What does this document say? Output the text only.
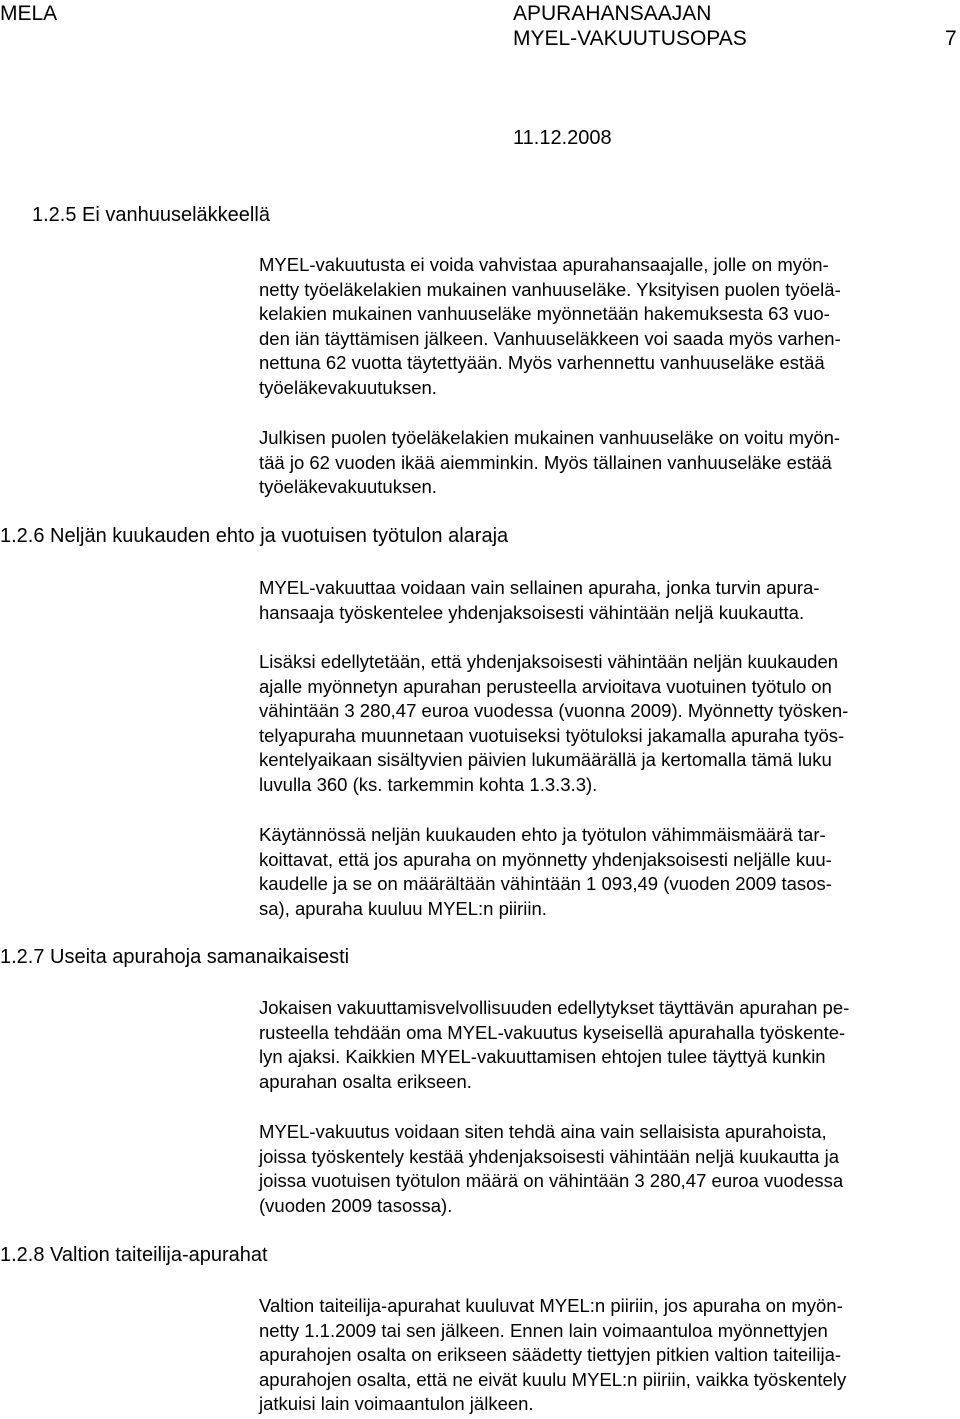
MELA	APURAHANSAAJAN
MYEL-VAKUUTUSOPAS	7
11.12.2008
1.2.5 Ei vanhuuseläkkeellä
MYEL-vakuutusta ei voida vahvistaa apurahansaajalle, jolle on myön-
netty työeläkelakien mukainen vanhuuseläke. Yksityisen puolen työelä-
kelakien mukainen vanhuuseläke myönnetään hakemuksesta 63 vuo-
den iän täyttämisen jälkeen. Vanhuuseläkkeen voi saada myös varhen-
nettuna 62 vuotta täytettyään. Myös varhennettu vanhuuseläke estää
työeläkevakuutuksen.
Julkisen puolen työeläkelakien mukainen vanhuuseläke on voitu myön-
tää jo 62 vuoden ikää aiemminkin. Myös tällainen vanhuuseläke estää
työeläkevakuutuksen.
1.2.6 Neljän kuukauden ehto ja vuotuisen työtulon alaraja
MYEL-vakuuttaa voidaan vain sellainen apuraha, jonka turvin apura-
hansaaja työskentelee yhdenjaksoisesti vähintään neljä kuukautta.
Lisäksi edellytetään, että yhdenjaksoisesti vähintään neljän kuukauden
ajalle myönnetyn apurahan perusteella arvioitava vuotuinen työtulo on
vähintään 3 280,47 euroa vuodessa (vuonna 2009). Myönnetty työsken-
telyapuraha muunnetaan vuotuiseksi työtuloksi jakamalla apuraha työs-
kentelyaikaan sisältyvien päivien lukumäärällä ja kertomalla tämä luku
luvulla 360 (ks. tarkemmin kohta 1.3.3.3).
Käytännössä neljän kuukauden ehto ja työtulon vähimmäismäärä tar-
koittavat, että jos apuraha on myönnetty yhdenjaksoisesti neljälle kuu-
kaudelle ja se on määrältään vähintään 1 093,49 (vuoden 2009 tasos-
sa), apuraha kuuluu MYEL:n piiriin.
1.2.7 Useita apurahoja samanaikaisesti
Jokaisen vakuuttamisvelvollisuuden edellytykset täyttävän apurahan pe-
rusteella tehdään oma MYEL-vakuutus kyseisellä apurahalla työskente-
lyn ajaksi. Kaikkien MYEL-vakuuttamisen ehtojen tulee täyttyä kunkin
apurahan osalta erikseen.
MYEL-vakuutus voidaan siten tehdä aina vain sellaisista apurahoista,
joissa työskentely kestää yhdenjaksoisesti vähintään neljä kuukautta ja
joissa vuotuisen työtulon määrä on vähintään 3 280,47 euroa vuodessa
(vuoden 2009 tasossa).
1.2.8 Valtion taiteilija-apurahat
Valtion taiteilija-apurahat kuuluvat MYEL:n piiriin, jos apuraha on myön-
netty 1.1.2009 tai sen jälkeen. Ennen lain voimaantuloa myönnettyjen
apurahojen osalta on erikseen säädetty tiettyjen pitkien valtion taiteilija-
apurahojen osalta, että ne eivät kuulu MYEL:n piiriin, vaikka työskentely
jatkuisi lain voimaantulon jälkeen.
